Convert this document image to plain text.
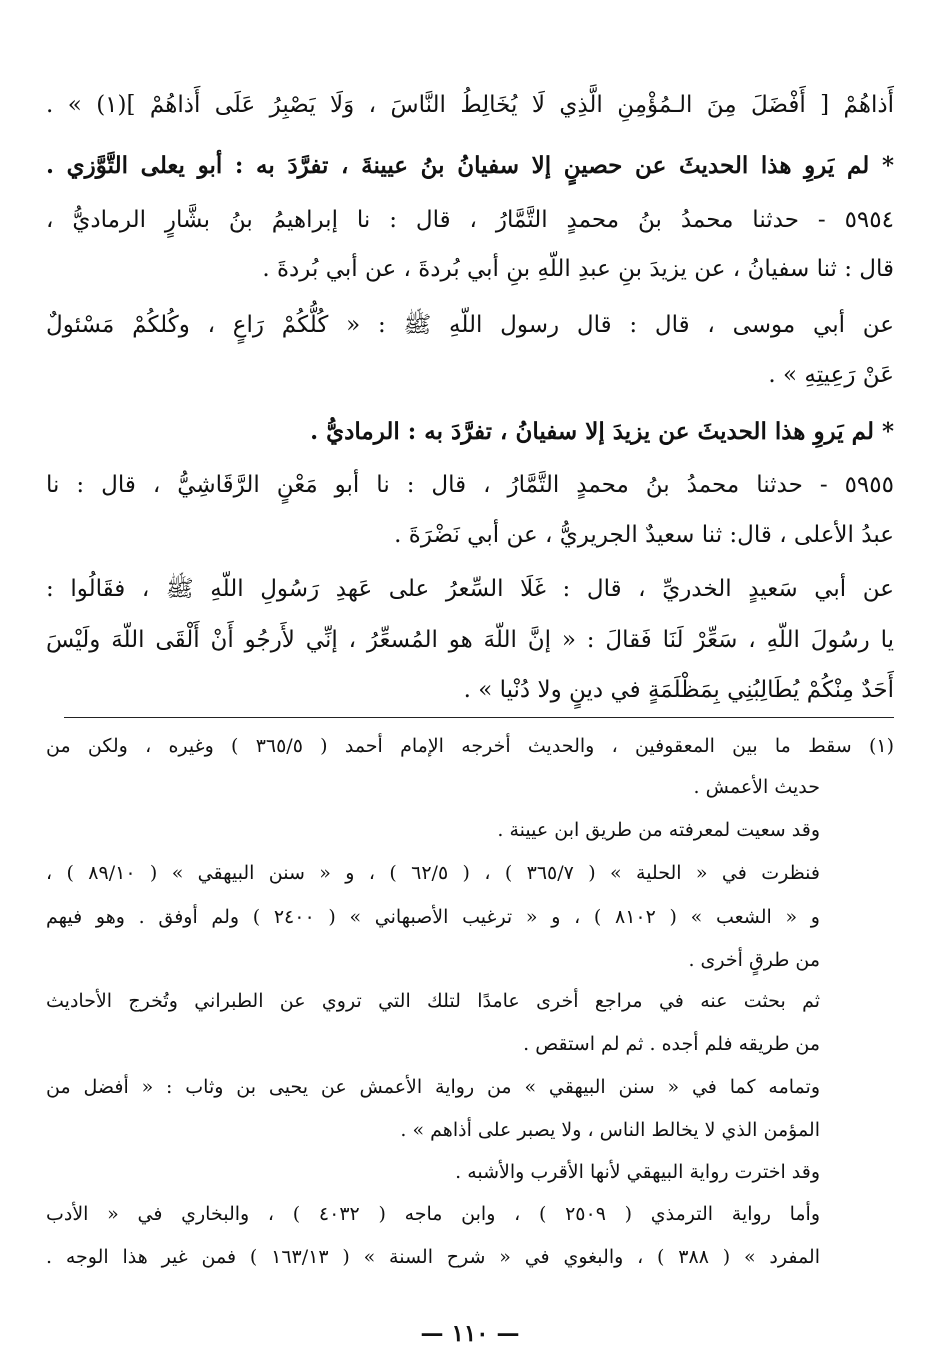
أَذاهُمْ [ أَفْضَلَ مِنَ الـمُؤْمِنِ الَّذِي لَا يُخَالِطُ النَّاسَ ، وَلَا يَصْبِرُ عَلَى أَذاهُمْ ](١) » .
* لم يَروِ هذا الحديثَ عن حصينٍ إلا سفيانُ بنُ عيينةَ ، تفرَّدَ به : أبو يعلى التَّوَّزي .
٥٩٥٤ - حدثنا محمدُ بنُ محمدٍ التَّمَّارُ ، قال : نا إبراهيمُ بنُ بشَّارٍ الرماديُّ ،
قال : ثنا سفيانُ ، عن يزيدَ بنِ عبدِ اللّهِ بنِ أبي بُردةَ ، عن أبي بُردةَ .
عن أبي موسى ، قال : قال رسول اللّهِ ﷺ : « كُلُّكُمْ رَاعٍ ، وكُلكُمْ مَسْئولٌ
عَنْ رَعِيتِهِ » .
* لم يَروِ هذا الحديثَ عن يزيدَ إلا سفيانُ ، تفرَّدَ به : الرماديُّ .
٥٩٥٥ - حدثنا محمدُ بنُ محمدٍ التَّمَّارُ ، قال : نا أبو مَعْنٍ الرَّقَاشِيُّ ، قال : نا
عبدُ الأعلى ، قال: ثنا سعيدٌ الجريريُّ ، عن أبي نَضْرَةَ .
عن أبي سَعيدٍ الخدريِّ ، قال : غَلَا السِّعرُ على عَهدِ رَسُولِ اللّهِ ﷺ ، فقَالُوا :
يا رسُولَ اللّهِ ، سَعِّرْ لَنَا فَقالَ : « إنَّ اللّهَ هو المُسعِّرُ ، إنِّي لأَرجُو أَنْ أَلْقَى اللّهَ ولَيْسَ
أَحَدٌ مِنْكُمْ يُطَالِبُنِي بِمَظْلَمَةٍ في دينٍ ولا دُنْيا » .
(١) سقط ما بين المعقوفين ، والحديث أخرجه الإمام أحمد ( ٣٦٥/٥ ) وغيره ، ولكن من
حديث الأعمش .
وقد سعيت لمعرفته من طريق ابن عيينة .
فنظرت في « الحلية » ( ٣٦٥/٧ ) ، ( ٦٢/٥ ) ، و « سنن البيهقي » ( ٨٩/١٠ ) ،
و « الشعب » ( ٨١٠٢ ) ، و « ترغيب الأصبهاني » ( ٢٤٠٠ ) ولم أوفق . وهو فيهم
من طرقٍ أخرى .
ثم بحثت عنه في مراجع أخرى عامدًا لتلك التي تروي عن الطبراني وتُخرج الأحاديث
من طريقه فلم أجده . ثم لم استقص .
وتمامه كما في « سنن البيهقي » من رواية الأعمش عن يحيى بن وثاب : « أفضل من
المؤمن الذي لا يخالط الناس ، ولا يصبر على أذاهم » .
وقد اخترت رواية البيهقي لأنها الأقرب والأشبه .
وأما رواية الترمذي ( ٢٥٠٩ ) ، وابن ماجه ( ٤٠٣٢ ) ، والبخاري في « الأدب
المفرد » ( ٣٨٨ ) ، والبغوي في « شرح السنة » ( ١٦٣/١٣ ) فمن غير هذا الوجه .
— ١١٠ —
